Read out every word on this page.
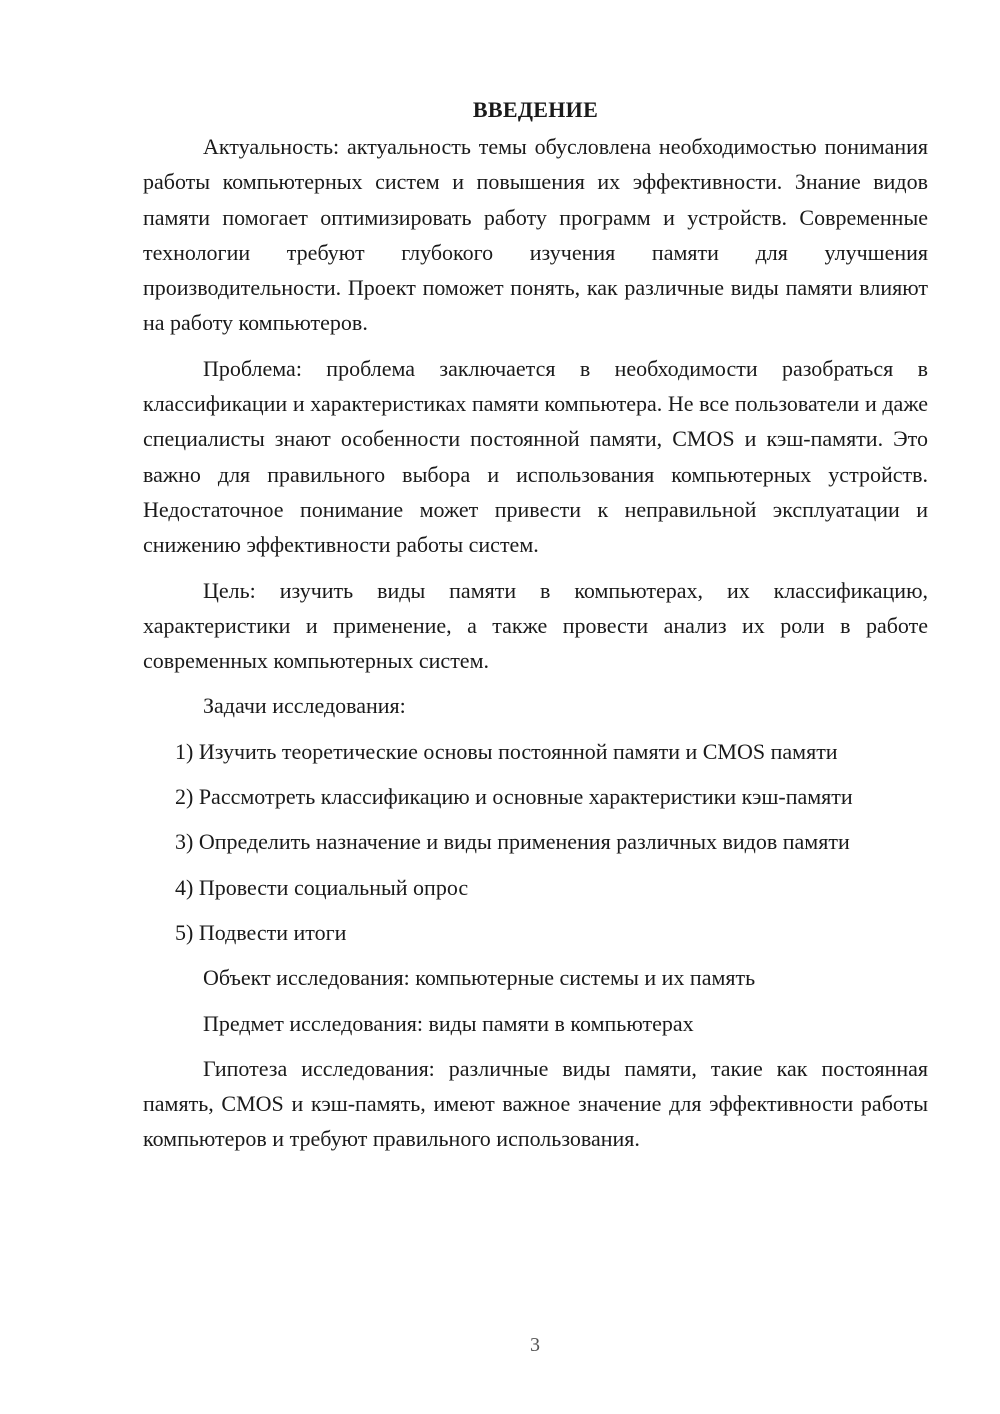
ВВЕДЕНИЕ

Актуальность: актуальность темы обусловлена необходимостью понимания работы компьютерных систем и повышения их эффективности. Знание видов памяти помогает оптимизировать работу программ и устройств. Современные технологии требуют глубокого изучения памяти для улучшения производительности. Проект поможет понять, как различные виды памяти влияют на работу компьютеров.

Проблема: проблема заключается в необходимости разобраться в классификации и характеристиках памяти компьютера. Не все пользователи и даже специалисты знают особенности постоянной памяти, CMOS и кэш-памяти. Это важно для правильного выбора и использования компьютерных устройств. Недостаточное понимание может привести к неправильной эксплуатации и снижению эффективности работы систем.

Цель: изучить виды памяти в компьютерах, их классификацию, характеристики и применение, а также провести анализ их роли в работе современных компьютерных систем.

Задачи исследования:

1) Изучить теоретические основы постоянной памяти и CMOS памяти

2) Рассмотреть классификацию и основные характеристики кэш-памяти

3) Определить назначение и виды применения различных видов памяти

4) Провести социальный опрос

5) Подвести итоги

Объект исследования: компьютерные системы и их память

Предмет исследования: виды памяти в компьютерах

Гипотеза исследования: различные виды памяти, такие как постоянная память, CMOS и кэш-память, имеют важное значение для эффективности работы компьютеров и требуют правильного использования.

3
